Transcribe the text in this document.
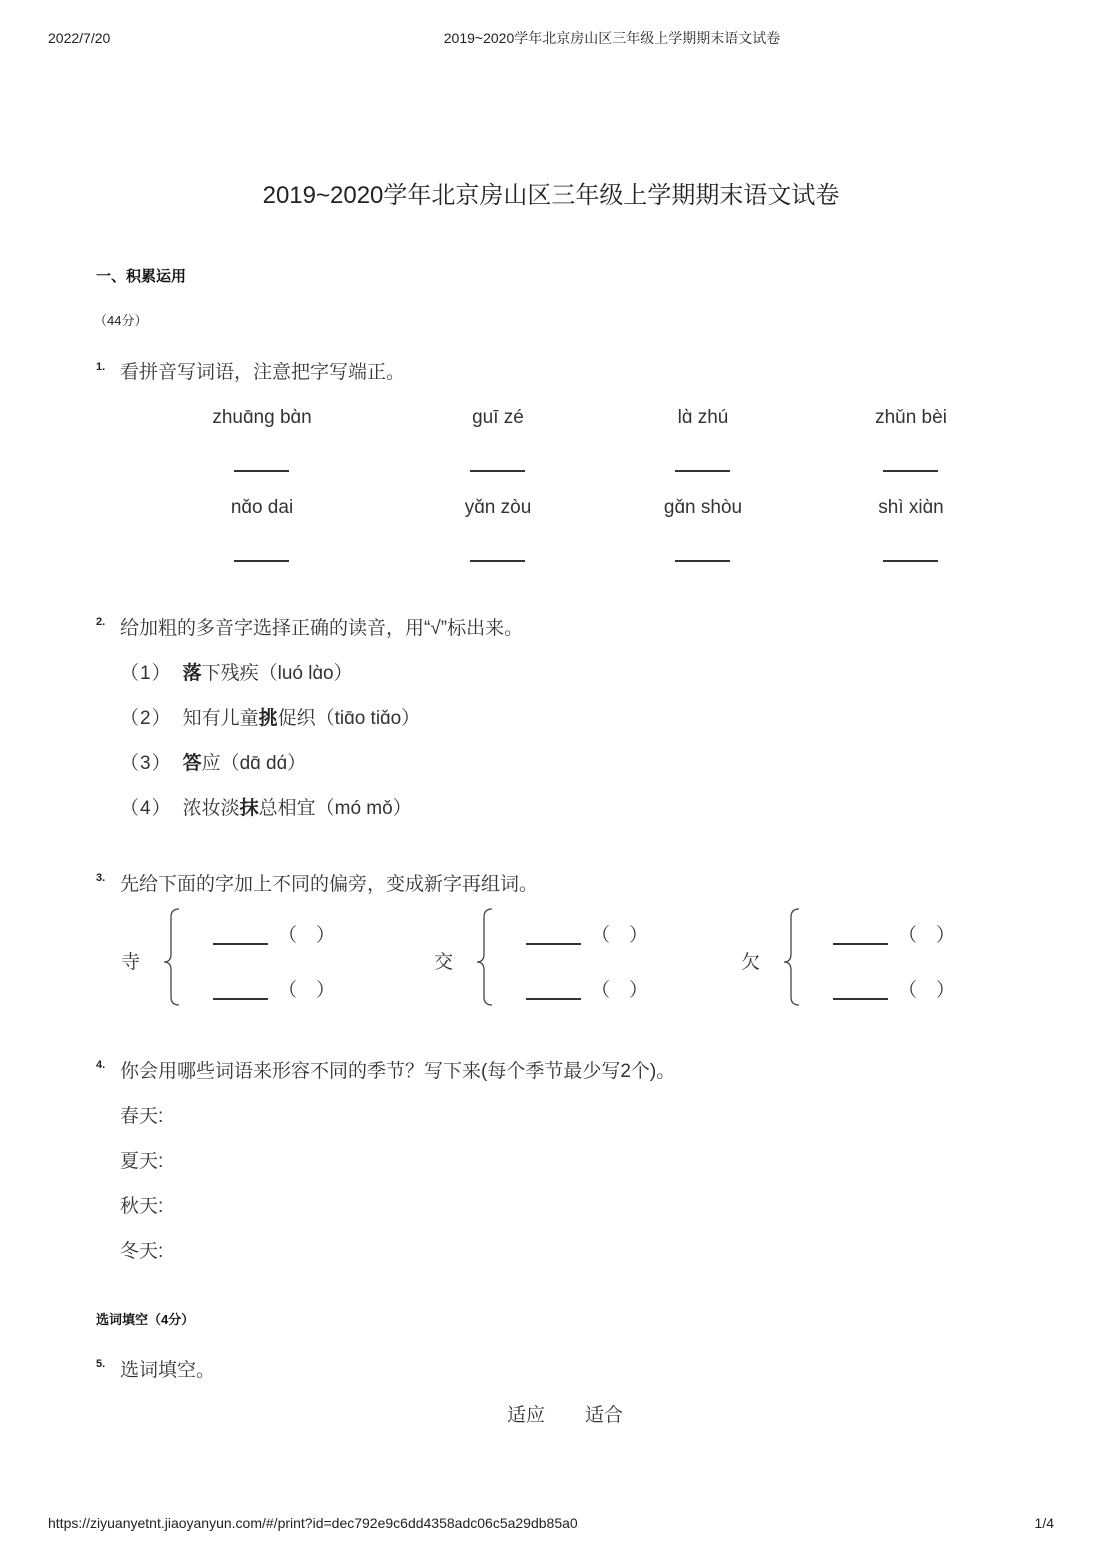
2022/7/20	2019~2020学年北京房山区三年级上学期期末语文试卷
2019~2020学年北京房山区三年级上学期期末语文试卷
一、积累运用
（44分）
1. 看拼音写词语，注意把字写端正。
zhuɑ̄ng bɑ̀n	guī zé	lɑ̀ zhú	zhǔn bèi
nɑ̌o dai	yɑ̌n zòu	gɑ̌n shòu	shì xiɑ̀n
2. 给加粗的多音字选择正确的读音，用“√”标出来。
（1） 落下残疾（luó lɑ̀o）
（2） 知有儿童挑促织（tiɑ̄o tiɑ̌o）
（3） 答应（dɑ̄ dɑ́）
（4） 浓妆淡抹总相宜（mó mǒ）
3. 先给下面的字加上不同的偏旁，变成新字再组词。
寺
（　）
（　）
交
（　）
（　）
欠
（　）
（　）
4. 你会用哪些词语来形容不同的季节？写下来(每个季节最少写2个)。
春天:
夏天:
秋天:
冬天:
选词填空（4分）
5. 选词填空。
适应 适合
https://ziyuanyetnt.jiaoyanyun.com/#/print?id=dec792e9c6dd4358adc06c5a29db85a0	1/4
